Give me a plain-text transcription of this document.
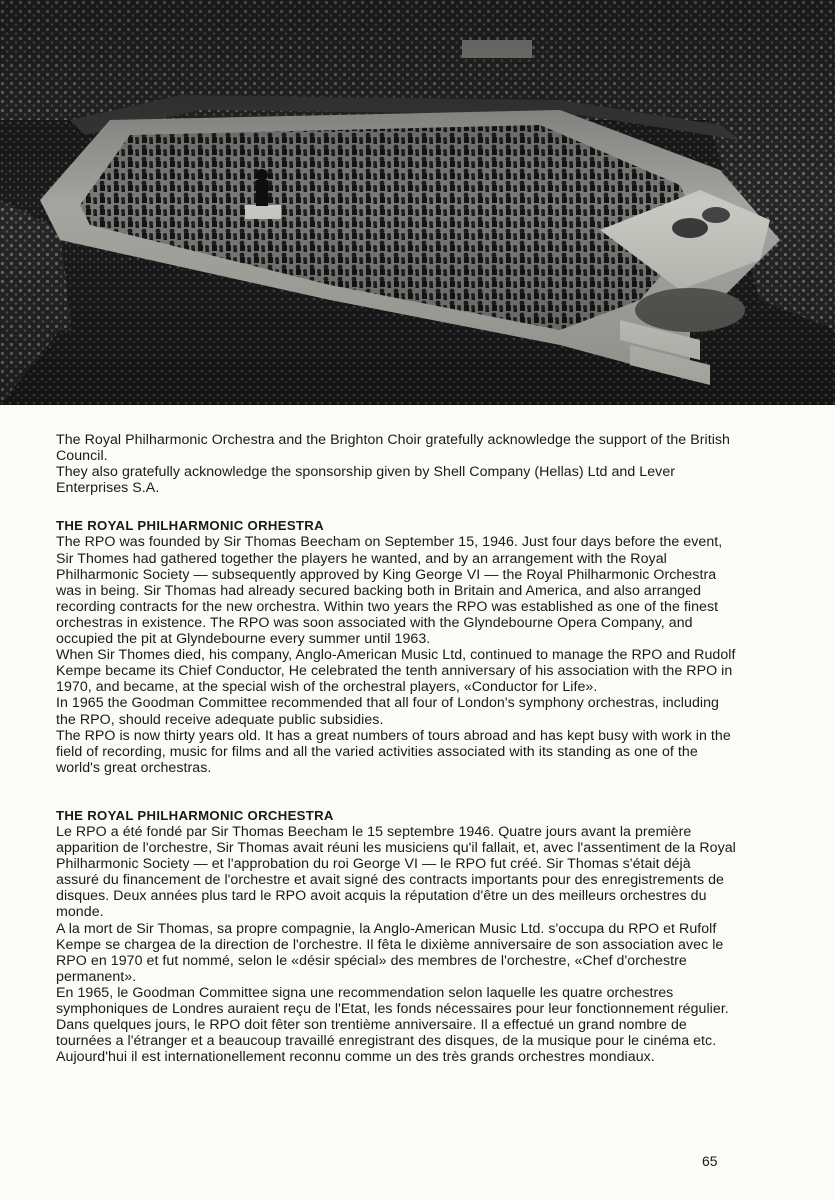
The Royal Philharmonic Orchestra and the Brighton Choir gratefully acknowledge the support of the British Council.

They also gratefully acknowledge the sponsorship given by Shell Company (Hellas) Ltd and Lever Enterprises S.A.

THE ROYAL PHILHARMONIC ORHESTRA

The RPO was founded by Sir Thomas Beecham on September 15, 1946. Just four days before the event, Sir Thomes had gathered together the players he wanted, and by an arrangement with the Royal Philharmonic Society — subsequently approved by King George VI — the Royal Philharmonic Orchestra was in being. Sir Thomas had already secured backing both in Britain and America, and also arranged recording contracts for the new orchestra. Within two years the RPO was established as one of the finest orchestras in existence. The RPO was soon associated with the Glyndebourne Opera Company, and occupied the pit at Glyndebourne every summer until 1963.

When Sir Thomes died, his company, Anglo-American Music Ltd, continued to manage the RPO and Rudolf Kempe became its Chief Conductor, He celebrated the tenth anniversary of his association with the RPO in 1970, and became, at the special wish of the orchestral players, «Conductor for Life».

In 1965 the Goodman Committee recommended that all four of London's symphony orchestras, including the RPO, should receive adequate public subsidies.

The RPO is now thirty years old. It has a great numbers of tours abroad and has kept busy with work in the field of recording, music for films and all the varied activities associated with its standing as one of the world's great orchestras.

THE ROYAL PHILHARMONIC ORCHESTRA

Le RPO a été fondé par Sir Thomas Beecham le 15 septembre 1946. Quatre jours avant la première apparition de l'orchestre, Sir Thomas avait réuni les musiciens qu'il fallait, et, avec l'assentiment de la Royal Philharmonic Society — et l'approbation du roi George VI — le RPO fut créé. Sir Thomas s'était déjà assuré du financement de l'orchestre et avait signé des contracts importants pour des enregistrements de disques. Deux années plus tard le RPO avoit acquis la réputation d'être un des meilleurs orchestres du monde.

A la mort de Sir Thomas, sa propre compagnie, la Anglo-American Music Ltd. s'occupa du RPO et Rufolf Kempe se chargea de la direction de l'orchestre. Il fêta le dixième anniversaire de son association avec le RPO en 1970 et fut nommé, selon le «désir spécial» des membres de l'orchestre, «Chef d'orchestre permanent».

En 1965, le Goodman Committee signa une recommendation selon laquelle les quatre orchestres symphoniques de Londres auraient reçu de l'Etat, les fonds nécessaires pour leur fonctionnement régulier.

Dans quelques jours, le RPO doit fêter son trentième anniversaire. Il a effectué un grand nombre de tournées a l'étranger et a beaucoup travaillé enregistrant des disques, de la musique pour le cinéma etc. Aujourd'hui il est internationellement reconnu comme un des très grands orchestres mondiaux.

65
